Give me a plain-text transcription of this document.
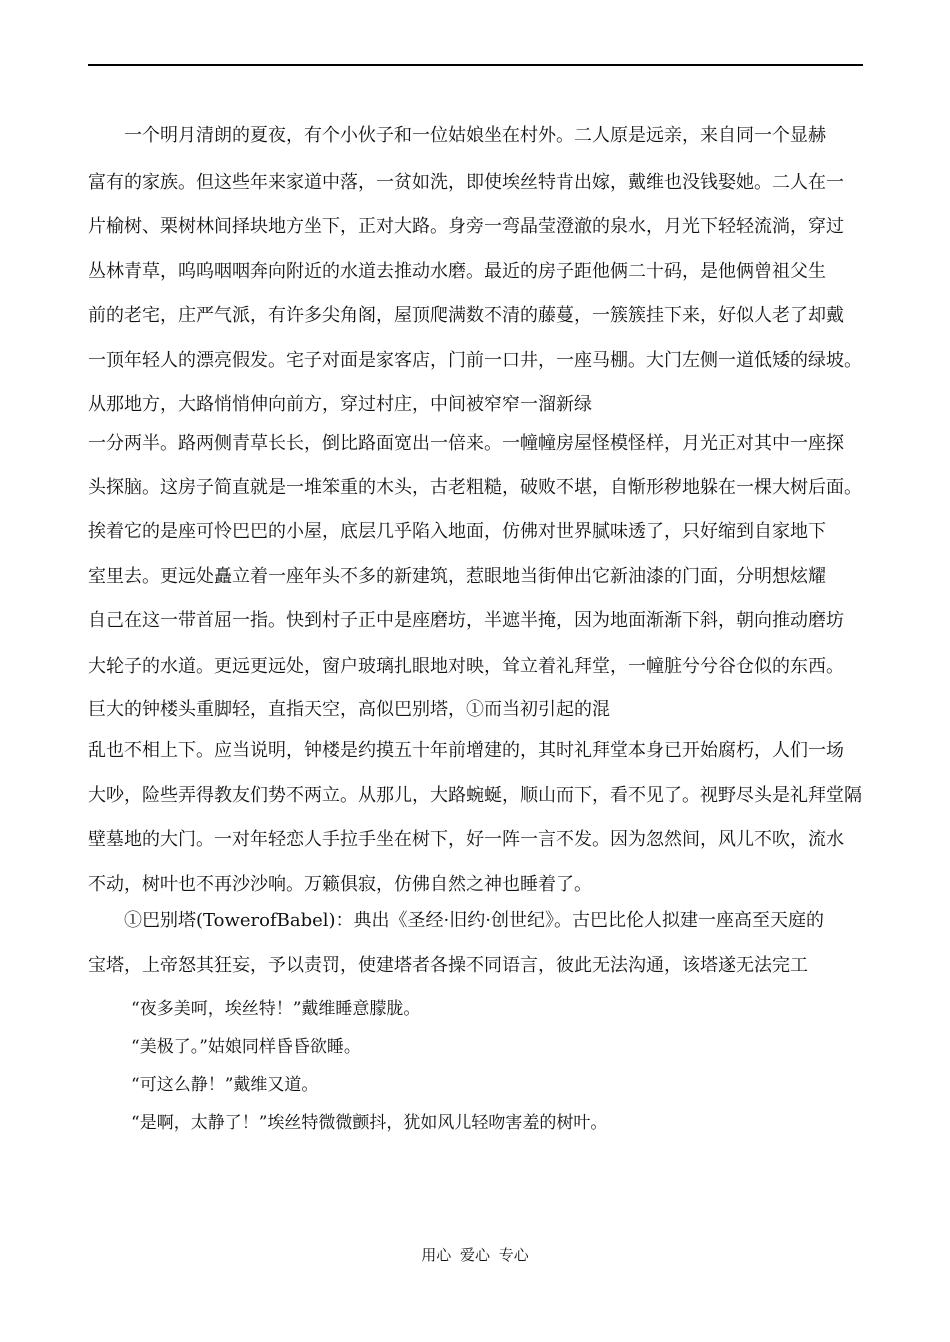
一个明月清朗的夏夜，有个小伙子和一位姑娘坐在村外。二人原是远亲，来自同一个显赫
富有的家族。但这些年来家道中落，一贫如洗，即使埃丝特肯出嫁，戴维也没钱娶她。二人在一
片榆树、栗树林间择块地方坐下，正对大路。身旁一弯晶莹澄澈的泉水，月光下轻轻流淌，穿过
丛林青草，呜呜咽咽奔向附近的水道去推动水磨。最近的房子距他俩二十码，是他俩曾祖父生
前的老宅，庄严气派，有许多尖角阁，屋顶爬满数不清的藤蔓，一簇簇挂下来，好似人老了却戴
一顶年轻人的漂亮假发。宅子对面是家客店，门前一口井，一座马棚。大门左侧一道低矮的绿坡。
从那地方，大路悄悄伸向前方，穿过村庄，中间被窄窄一溜新绿
一分两半。路两侧青草长长，倒比路面宽出一倍来。一幢幢房屋怪模怪样，月光正对其中一座探
头探脑。这房子简直就是一堆笨重的木头，古老粗糙，破败不堪，自惭形秽地躲在一棵大树后面。
挨着它的是座可怜巴巴的小屋，底层几乎陷入地面，仿佛对世界腻味透了，只好缩到自家地下
室里去。更远处矗立着一座年头不多的新建筑，惹眼地当街伸出它新油漆的门面，分明想炫耀
自己在这一带首屈一指。快到村子正中是座磨坊，半遮半掩，因为地面渐渐下斜，朝向推动磨坊
大轮子的水道。更远更远处，窗户玻璃扎眼地对映，耸立着礼拜堂，一幢脏兮兮谷仓似的东西。
巨大的钟楼头重脚轻，直指天空，高似巴别塔，①而当初引起的混
乱也不相上下。应当说明，钟楼是约摸五十年前增建的，其时礼拜堂本身已开始腐朽，人们一场
大吵，险些弄得教友们势不两立。从那儿，大路蜿蜒，顺山而下，看不见了。视野尽头是礼拜堂隔
壁墓地的大门。一对年轻恋人手拉手坐在树下，好一阵一言不发。因为忽然间，风儿不吹，流水
不动，树叶也不再沙沙响。万籁俱寂，仿佛自然之神也睡着了。
①巴别塔(TowerofBabel)：典出《圣经·旧约·创世纪》。古巴比伦人拟建一座高至天庭的
宝塔，上帝怒其狂妄，予以责罚，使建塔者各操不同语言，彼此无法沟通，该塔遂无法完工
“夜多美呵，埃丝特！”戴维睡意朦胧。
“美极了。”姑娘同样昏昏欲睡。
“可这么静！”戴维又道。
“是啊，太静了！”埃丝特微微颤抖，犹如风儿轻吻害羞的树叶。
用心 爱心 专心
